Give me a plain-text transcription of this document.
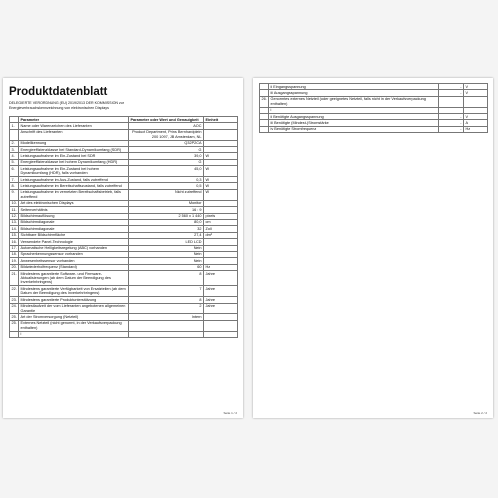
Produktdatenblatt
DELEGIERTE VERORDNUNG (EU) 2019/2013 DER KOMMISSION zur Energieverbrauchskennzeichnung von elektronischen Displays
	Parameter	Parameter oder Wert und Genauigkeit	Einheit
1.	Name oder Warenzeichen des Lieferanten	AOC	
	Anschrift des Lieferanten	Product Department, Prins Bernhardplein 200 1097, JB Amsterdam, NL	
2.	Modellkennung	Q32P2CA	
3.	Energieeffizienzklasse bei Standard-Dynamikumfang (SDR)	G	
4.	Leistungsaufnahme im Ein-Zustand bei SDR	39,0	W
5.	Energieeffizienzklasse bei hohem Dynamikumfang (HDR)	G	
6.	Leistungsaufnahme im Ein-Zustand bei hohem Dynamikumfang (HDR), falls vorhanden	45,0	W
7.	Leistungsaufnahme im Aus-Zustand, falls zutreffend	0,3	W
8.	Leistungsaufnahme im Bereitschaftszustand, falls zutreffend	0,5	W
9.	Leistungsaufnahme im vernetzten Bereitschaftsbetrieb, falls zutreffend	Nicht zutreffend	W
10.	Art des elektronischen Displays	Monitor	
11.	Seitenverhältnis	16 : 9	
12.	Bildschirmauflösung	2 560 x 1 440	pixels
13.	Bildschirmdiagonale	80,0	cm
14.	Bildschirmdiagonale	32	Zoll
15.	Sichtbare Bildschirmfläche	27,4	dm²
16.	Verwendete Panel-Technologie	LED LCD	
17.	Automatische Helligkeitsregelung (ABC) vorhanden	Nein	
18.	Spracherkennungssensor vorhanden	Nein	
19.	Anwesenheitssensor vorhanden	Nein	
20.	Bildwiederholfrequenz (Standard)	60	Hz
21.	Mindestens garantierte Software- und Firmware-Aktualisierungen (ab dem Datum der Beendigung des Inverkehrbringens)	8	Jahre
22.	Mindestens garantierte Verfügbarkeit von Ersatzteilen (ab dem Datum der Beendigung des Inverkehrbringens)	7	Jahre
23.	Mindestens garantierte Produktunterstützung	8	Jahre
24.	Mindestlaufzeit der vom Lieferanten angebotenen allgemeinen Garantie	2	Jahre
25.	Art der Stromversorgung (Netzteil)	Intern	
25.	Externes Netzteil (nicht genormt, in der Verkaufsverpackung enthalten)		
	i		
Seite 1 / 2
	ii Eingangsspannung	-	V
	iii Ausgangsspannung	-	V
26.	Genormtes externes Netzteil (oder geeignetes Netzteil, falls nicht in der Verkaufsverpackung enthalten)		
	i		
	ii Benötigte Ausgangsspannung	-	V
	iii Benötigte (Mindest-)Stromstärke	-	A
	iv Benötigte Stromfrequenz	-	Hz
Seite 2 / 2
